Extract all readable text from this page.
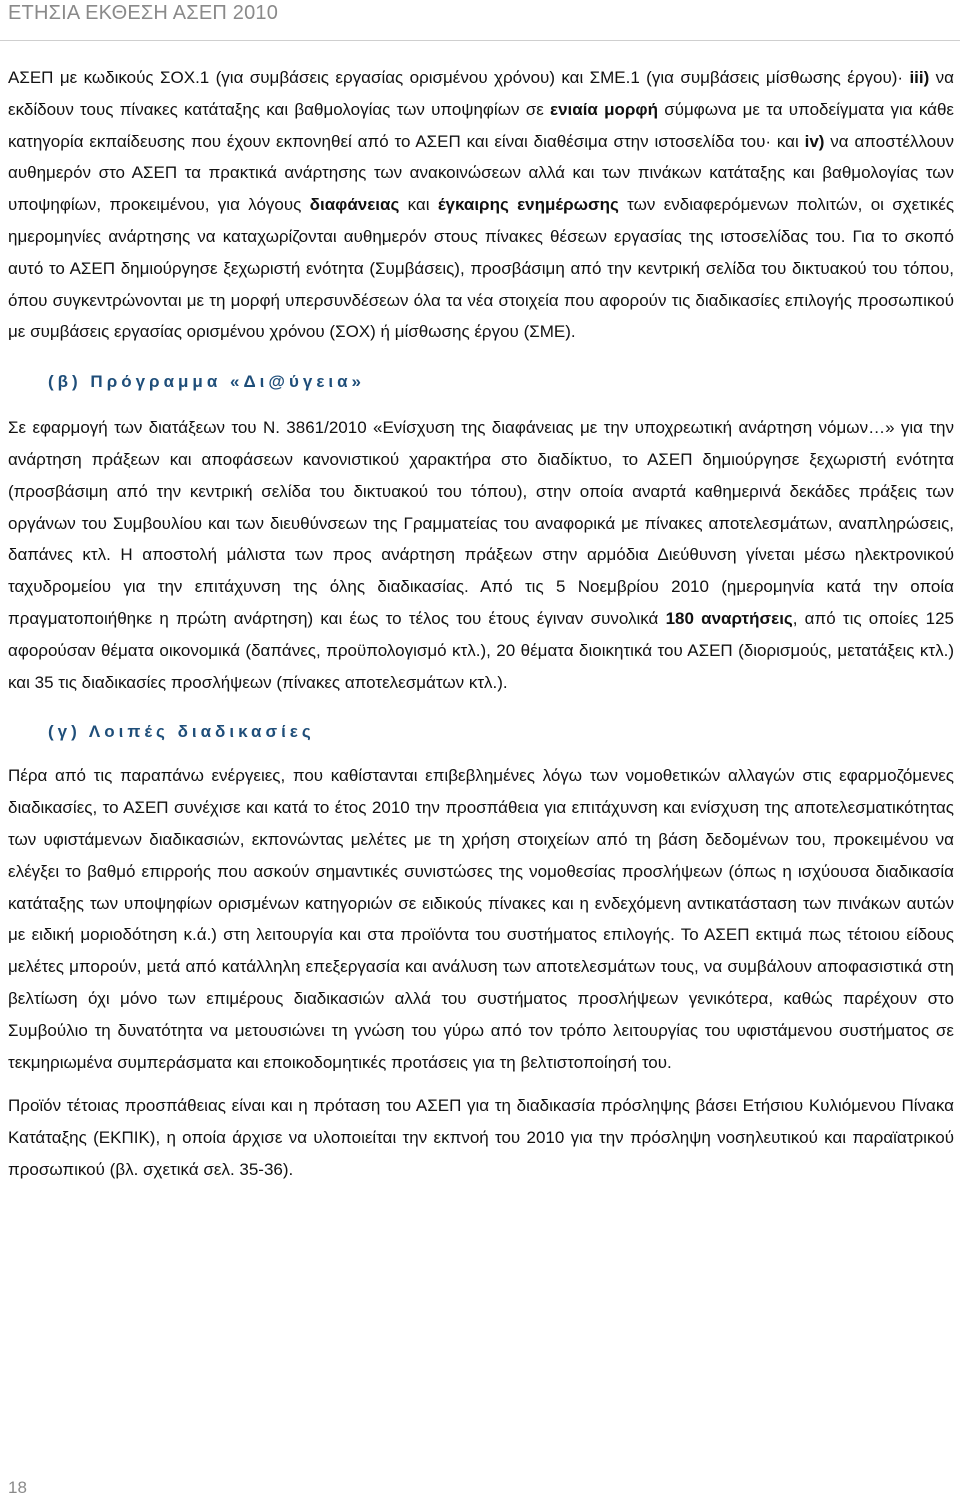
ΕΤΗΣΙΑ ΕΚΘΕΣΗ ΑΣΕΠ 2010

ΑΣΕΠ με κωδικούς ΣΟΧ.1 (για συμβάσεις εργασίας ορισμένου χρόνου) και ΣΜΕ.1 (για συμβάσεις μίσθωσης έργου)· iii) να εκδίδουν τους πίνακες κατάταξης και βαθμολογίας των υποψηφίων σε ενιαία μορφή σύμφωνα με τα υποδείγματα για κάθε κατηγορία εκπαίδευσης που έχουν εκπονηθεί από το ΑΣΕΠ και είναι διαθέσιμα στην ιστοσελίδα του· και iv) να αποστέλλουν αυθημερόν στο ΑΣΕΠ τα πρακτικά ανάρτησης των ανακοινώσεων αλλά και των πινάκων κατάταξης και βαθμολογίας των υποψηφίων, προκειμένου, για λόγους διαφάνειας και έγκαιρης ενημέρωσης των ενδιαφερόμενων πολιτών, οι σχετικές ημερομηνίες ανάρτησης να καταχωρίζονται αυθημερόν στους πίνακες θέσεων εργασίας της ιστοσελίδας του. Για το σκοπό αυτό το ΑΣΕΠ δημιούργησε ξεχωριστή ενότητα (Συμβάσεις), προσβάσιμη από την κεντρική σελίδα του δικτυακού του τόπου, όπου συγκεντρώνονται με τη μορφή υπερσυνδέσεων όλα τα νέα στοιχεία που αφορούν τις διαδικασίες επιλογής προσωπικού με συμβάσεις εργασίας ορισμένου χρόνου (ΣΟΧ) ή μίσθωσης έργου (ΣΜΕ).

(β) Πρόγραμμα «Δι@ύγεια»

Σε εφαρμογή των διατάξεων του Ν. 3861/2010 «Ενίσχυση της διαφάνειας με την υποχρεωτική ανάρτηση νόμων…» για την ανάρτηση πράξεων και αποφάσεων κανονιστικού χαρακτήρα στο διαδίκτυο, το ΑΣΕΠ δημιούργησε ξεχωριστή ενότητα (προσβάσιμη από την κεντρική σελίδα του δικτυακού του τόπου), στην οποία αναρτά καθημερινά δεκάδες πράξεις των οργάνων του Συμβουλίου και των διευθύνσεων της Γραμματείας του αναφορικά με πίνακες αποτελεσμάτων, αναπληρώσεις, δαπάνες κτλ. Η αποστολή μάλιστα των προς ανάρτηση πράξεων στην αρμόδια Διεύθυνση γίνεται μέσω ηλεκτρονικού ταχυδρομείου για την επιτάχυνση της όλης διαδικασίας. Από τις 5 Νοεμβρίου 2010 (ημερομηνία κατά την οποία πραγματοποιήθηκε η πρώτη ανάρτηση) και έως το τέλος του έτους έγιναν συνολικά 180 αναρτήσεις, από τις οποίες 125 αφορούσαν θέματα οικονομικά (δαπάνες, προϋπολογισμό κτλ.), 20 θέματα διοικητικά του ΑΣΕΠ (διορισμούς, μετατάξεις κτλ.) και 35 τις διαδικασίες προσλήψεων (πίνακες αποτελεσμάτων κτλ.).

(γ) Λοιπές διαδικασίες

Πέρα από τις παραπάνω ενέργειες, που καθίστανται επιβεβλημένες λόγω των νομοθετικών αλλαγών στις εφαρμοζόμενες διαδικασίες, το ΑΣΕΠ συνέχισε και κατά το έτος 2010 την προσπάθεια για επιτάχυνση και ενίσχυση της αποτελεσματικότητας των υφιστάμενων διαδικασιών, εκπονώντας μελέτες με τη χρήση στοιχείων από τη βάση δεδομένων του, προκειμένου να ελέγξει το βαθμό επιρροής που ασκούν σημαντικές συνιστώσες της νομοθεσίας προσλήψεων (όπως η ισχύουσα διαδικασία κατάταξης των υποψηφίων ορισμένων κατηγοριών σε ειδικούς πίνακες και η ενδεχόμενη αντικατάσταση των πινάκων αυτών με ειδική μοριοδότηση κ.ά.) στη λειτουργία και στα προϊόντα του συστήματος επιλογής. Το ΑΣΕΠ εκτιμά πως τέτοιου είδους μελέτες μπορούν, μετά από κατάλληλη επεξεργασία και ανάλυση των αποτελεσμάτων τους, να συμβάλουν αποφασιστικά στη βελτίωση όχι μόνο των επιμέρους διαδικασιών αλλά του συστήματος προσλήψεων γενικότερα, καθώς παρέχουν στο Συμβούλιο τη δυνατότητα να μετουσιώνει τη γνώση του γύρω από τον τρόπο λειτουργίας του υφιστάμενου συστήματος σε τεκμηριωμένα συμπεράσματα και εποικοδομητικές προτάσεις για τη βελτιστοποίησή του.

Προϊόν τέτοιας προσπάθειας είναι και η πρόταση του ΑΣΕΠ για τη διαδικασία πρόσληψης βάσει Ετήσιου Κυλιόμενου Πίνακα Κατάταξης (ΕΚΠΙΚ), η οποία άρχισε να υλοποιείται την εκπνοή του 2010 για την πρόσληψη νοσηλευτικού και παραϊατρικού προσωπικού (βλ. σχετικά σελ. 35-36).

18
